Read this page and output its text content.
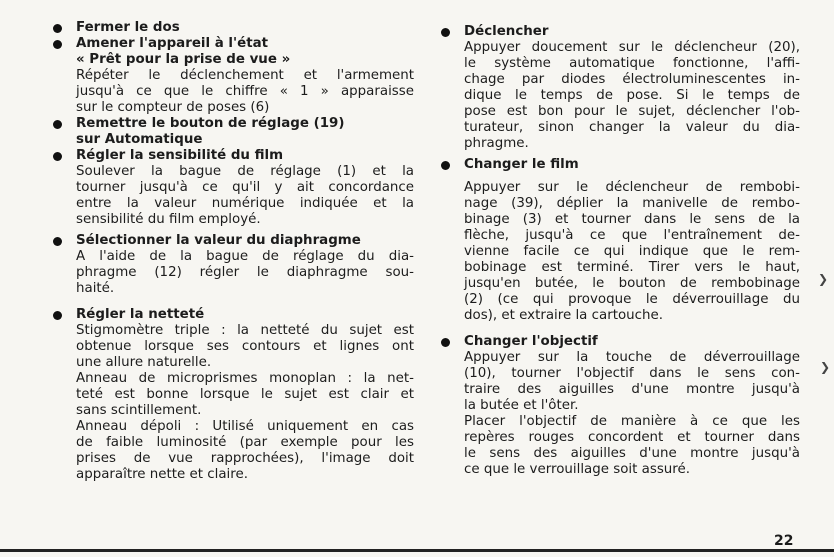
Fermer le dos
Amener l'appareil à l'état
« Prêt pour la prise de vue »
Répéter le déclenchement et l'armement
jusqu'à ce que le chiffre « 1 » apparaisse
sur le compteur de poses (6)
Remettre le bouton de réglage (19)
sur Automatique
Régler la sensibilité du film
Soulever la bague de réglage (1) et la
tourner jusqu'à ce qu'il y ait concordance
entre la valeur numérique indiquée et la
sensibilité du film employé.
Sélectionner la valeur du diaphragme
A l'aide de la bague de réglage du dia-
phragme (12) régler le diaphragme sou-
haité.
Régler la netteté
Stigmomètre triple : la netteté du sujet est
obtenue lorsque ses contours et lignes ont
une allure naturelle.
Anneau de microprismes monoplan : la net-
teté est bonne lorsque le sujet est clair et
sans scintillement.
Anneau dépoli : Utilisé uniquement en cas
de faible luminosité (par exemple pour les
prises de vue rapprochées), l'image doit
apparaître nette et claire.
Déclencher
Appuyer doucement sur le déclencheur (20),
le système automatique fonctionne, l'affi-
chage par diodes électroluminescentes in-
dique le temps de pose. Si le temps de
pose est bon pour le sujet, déclencher l'ob-
turateur, sinon changer la valeur du dia-
phragme.
Changer le film
Appuyer sur le déclencheur de rembobi-
nage (39), déplier la manivelle de rembo-
binage (3) et tourner dans le sens de la
flèche, jusqu'à ce que l'entraînement de-
vienne facile ce qui indique que le rem-
bobinage est terminé. Tirer vers le haut,
jusqu'en butée, le bouton de rembobinage
(2) (ce qui provoque le déverrouillage du
dos), et extraire la cartouche.
Changer l'objectif
Appuyer sur la touche de déverrouillage
(10), tourner l'objectif dans le sens con-
traire des aiguilles d'une montre jusqu'à
la butée et l'ôter.
Placer l'objectif de manière à ce que les
repères rouges concordent et tourner dans
le sens des aiguilles d'une montre jusqu'à
ce que le verrouillage soit assuré.
❯
❯
22
